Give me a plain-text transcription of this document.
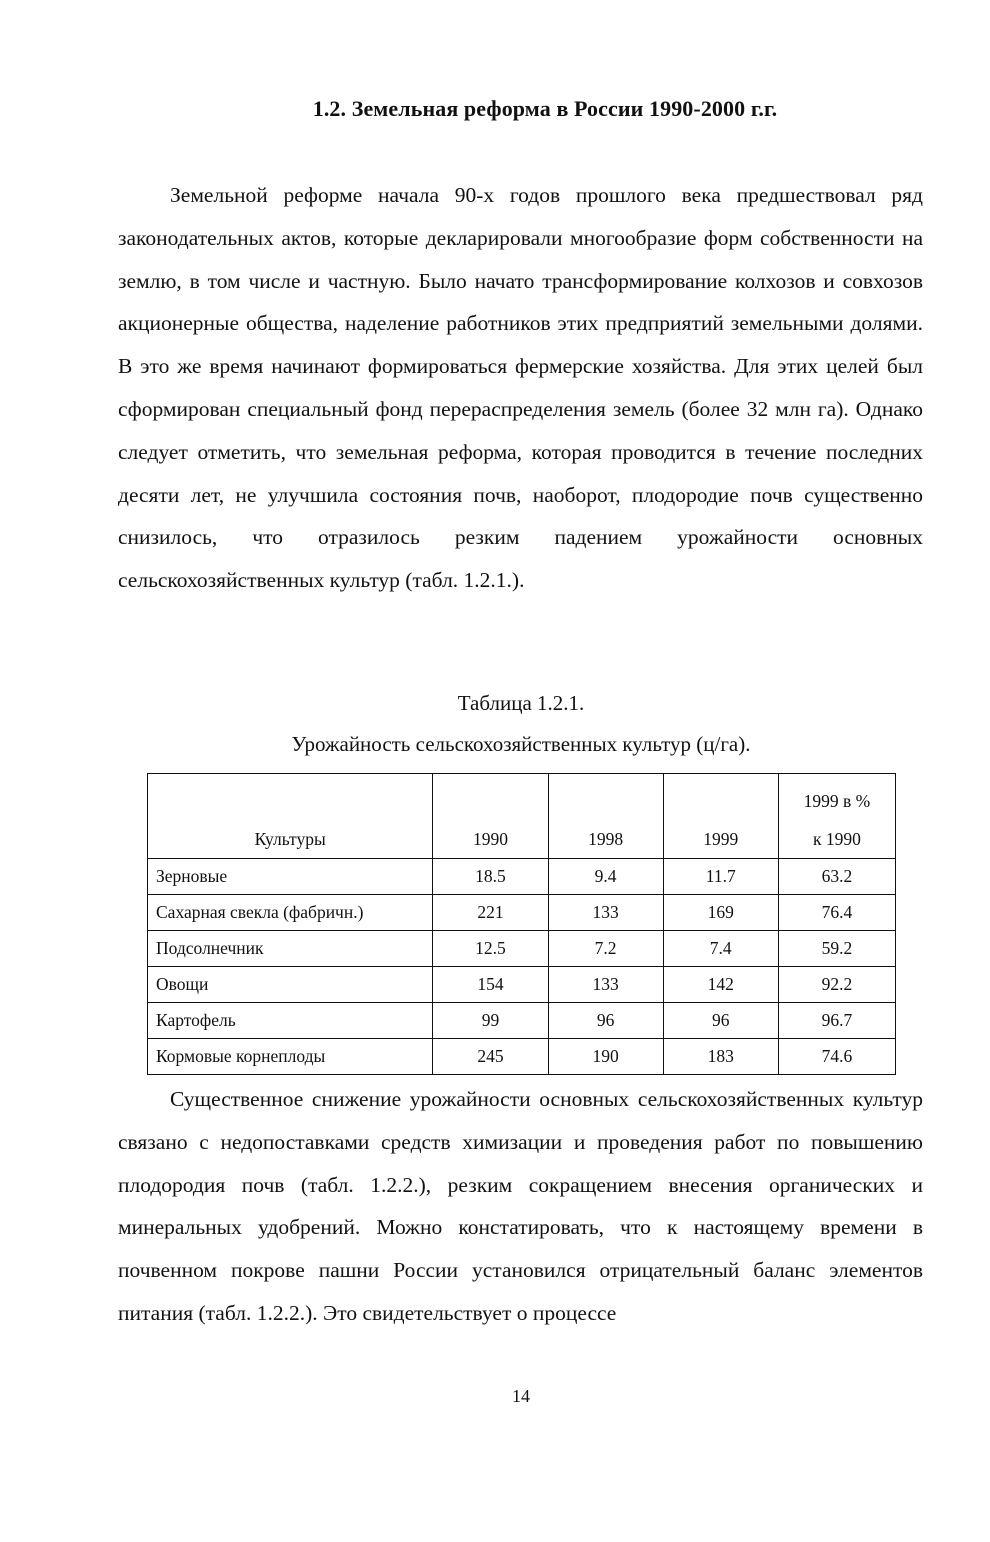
1.2. Земельная реформа в России 1990-2000 г.г.
Земельной реформе начала 90-х годов прошлого века предшествовал ряд законодательных актов, которые декларировали многообразие форм собственности на землю, в том числе и частную. Было начато трансформирование колхозов и совхозов акционерные общества, наделение работников этих предприятий земельными долями. В это же время начинают формироваться фермерские хозяйства. Для этих целей был сформирован специальный фонд перераспределения земель (более 32 млн га). Однако следует отметить, что земельная реформа, которая проводится в течение последних десяти лет, не улучшила состояния почв, наоборот, плодородие почв существенно снизилось, что отразилось резким падением урожайности основных сельскохозяйственных культур (табл. 1.2.1.).
Таблица 1.2.1.
Урожайность сельскохозяйственных культур (ц/га).
Культуры	1990	1998	1999	1999 в %
к 1990

Зерновые	18.5	9.4	11.7	63.2
Сахарная свекла (фабричн.)	221	133	169	76.4
Подсолнечник	12.5	7.2	7.4	59.2
Овощи	154	133	142	92.2
Картофель	99	96	96	96.7
Кормовые корнеплоды	245	190	183	74.6
Существенное снижение урожайности основных сельскохозяйственных культур связано с недопоставками средств химизации и проведения работ по повышению плодородия почв (табл. 1.2.2.), резким сокращением внесения органических и минеральных удобрений. Можно констатировать, что к настоящему времени в почвенном покрове пашни России установился отрицательный баланс элементов питания (табл. 1.2.2.). Это свидетельствует о процессе
14
